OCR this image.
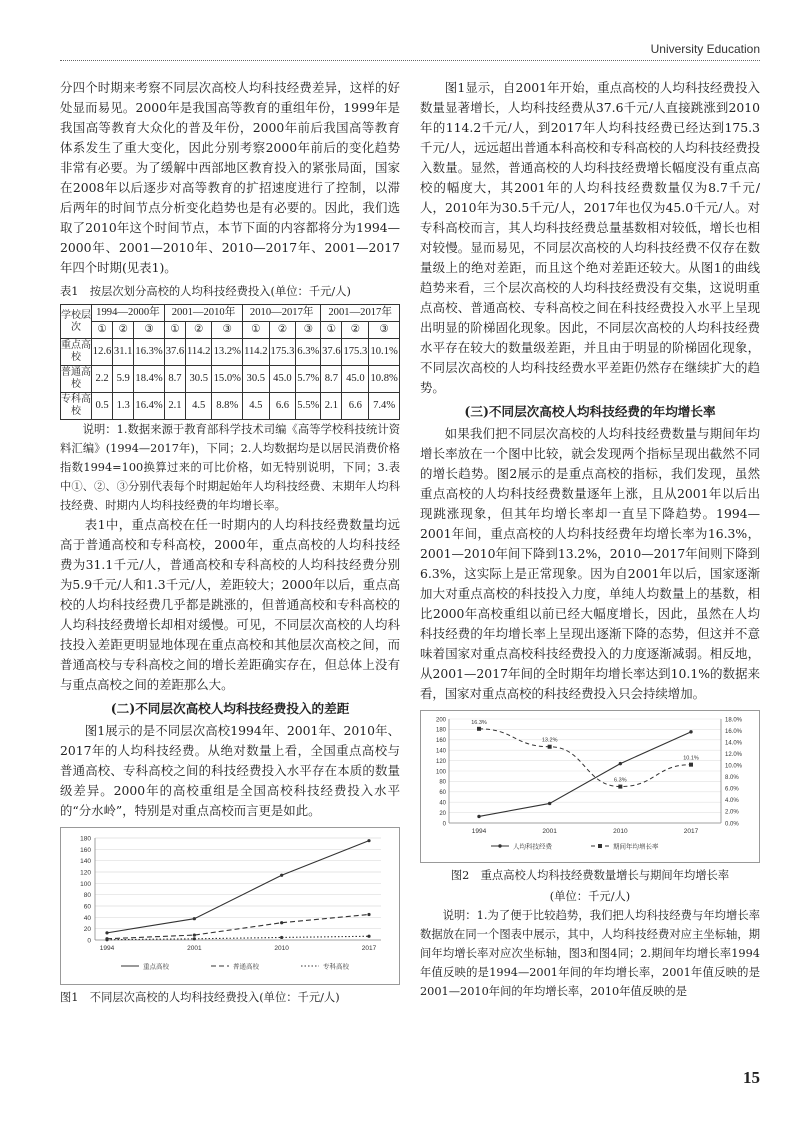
University Education

分四个时期来考察不同层次高校人均科技经费差异，这样的好处显而易见。2000年是我国高等教育的重组年份，1999年是我国高等教育大众化的普及年份，2000年前后我国高等教育体系发生了重大变化，因此分别考察2000年前后的变化趋势非常有必要。为了缓解中西部地区教育投入的紧张局面，国家在2008年以后逐步对高等教育的扩招速度进行了控制，以滞后两年的时间节点分析变化趋势也是有必要的。因此，我们选取了2010年这个时间节点，本节下面的内容都将分为1994—2000年、2001—2010年、2010—2017年、2001—2017年四个时期(见表1)。

表1　按层次划分高校的人均科技经费投入(单位：千元/人)
学校层次	1994—2000年			2001—2010年			2010—2017年			2001—2017年		
	①	②	③	①	②	③	①	②	③	①	②	③
重点高校	12.6	31.1	16.3%	37.6	114.2	13.2%	114.2	175.3	6.3%	37.6	175.3	10.1%
普通高校	2.2	5.9	18.4%	8.7	30.5	15.0%	30.5	45.0	5.7%	8.7	45.0	10.8%
专科高校	0.5	1.3	16.4%	2.1	4.5	8.8%	4.5	6.6	5.5%	2.1	6.6	7.4%

说明：1.数据来源于教育部科学技术司编《高等学校科技统计资料汇编》(1994—2017年)，下同；2.人均数据均是以居民消费价格指数1994=100换算过来的可比价格，如无特别说明，下同；3.表中①、②、③分别代表每个时期起始年人均科技经费、末期年人均科技经费、时期内人均科技经费的年均增长率。

表1中，重点高校在任一时期内的人均科技经费数量均远高于普通高校和专科高校，2000年，重点高校的人均科技经费为31.1千元/人，普通高校和专科高校的人均科技经费分别为5.9千元/人和1.3千元/人，差距较大；2000年以后，重点高校的人均科技经费几乎都是跳涨的，但普通高校和专科高校的人均科技经费增长却相对缓慢。可见，不同层次高校的人均科技投入差距更明显地体现在重点高校和其他层次高校之间，而普通高校与专科高校之间的增长差距确实存在，但总体上没有与重点高校之间的差距那么大。

(二)不同层次高校人均科技经费投入的差距

图1展示的是不同层次高校1994年、2001年、2010年、2017年的人均科技经费。从绝对数量上看，全国重点高校与普通高校、专科高校之间的科技经费投入水平存在本质的数量级差异。2000年的高校重组是全国高校科技经费投入水平的“分水岭”，特别是对重点高校而言更是如此。

0
20
40
60
80
100
120
140
160
180
1994	2001	2010	2017
重点高校	普通高校	专科高校
图1　不同层次高校的人均科技经费投入(单位：千元/人)

图1显示，自2001年开始，重点高校的人均科技经费投入数量显著增长，人均科技经费从37.6千元/人直接跳涨到2010年的114.2千元/人，到2017年人均科技经费已经达到175.3千元/人，远远超出普通本科高校和专科高校的人均科技经费投入数量。显然，普通高校的人均科技经费增长幅度没有重点高校的幅度大，其2001年的人均科技经费数量仅为8.7千元/人，2010年为30.5千元/人，2017年也仅为45.0千元/人。对专科高校而言，其人均科技经费总量基数相对较低，增长也相对较慢。显而易见，不同层次高校的人均科技经费不仅存在数量级上的绝对差距，而且这个绝对差距还较大。从图1的曲线趋势来看，三个层次高校的人均科技经费没有交集，这说明重点高校、普通高校、专科高校之间在科技经费投入水平上呈现出明显的阶梯固化现象。因此，不同层次高校的人均科技经费水平存在较大的数量级差距，并且由于明显的阶梯固化现象，不同层次高校的人均科技经费水平差距仍然存在继续扩大的趋势。

(三)不同层次高校人均科技经费的年均增长率

如果我们把不同层次高校的人均科技经费数量与期间年均增长率放在一个图中比较，就会发现两个指标呈现出截然不同的增长趋势。图2展示的是重点高校的指标，我们发现，虽然重点高校的人均科技经费数量逐年上涨，且从2001年以后出现跳涨现象，但其年均增长率却一直呈下降趋势。1994—2001年间，重点高校的人均科技经费年均增长率为16.3%，2001—2010年间下降到13.2%，2010—2017年间则下降到6.3%，这实际上是正常现象。因为自2001年以后，国家逐渐加大对重点高校的科技投入力度，单纯人均数量上的基数，相比2000年高校重组以前已经大幅度增长，因此，虽然在人均科技经费的年均增长率上呈现出逐渐下降的态势，但这并不意味着国家对重点高校科技经费投入的力度逐渐减弱。相反地，从2001—2017年间的全时期年均增长率达到10.1%的数据来看，国家对重点高校的科技经费投入只会持续增加。

0
20
40
60
80
100
120
140
160
180
200
0.0%
2.0%
4.0%
6.0%
8.0%
10.0%
12.0%
14.0%
16.0%
18.0%
1994	2001	2010	2017
16.3%
13.2%
6.3%
10.1%
人均科技经费	期间年均增长率
图2　重点高校人均科技经费数量增长与期间年均增长率
(单位：千元/人)

说明：1.为了便于比较趋势，我们把人均科技经费与年均增长率数据放在同一个图表中展示，其中，人均科技经费对应主坐标轴，期间年均增长率对应次坐标轴，图3和图4同；2.期间年均增长率1994年值反映的是1994—2001年间的年均增长率，2001年值反映的是2001—2010年间的年均增长率，2010年值反映的是

15
